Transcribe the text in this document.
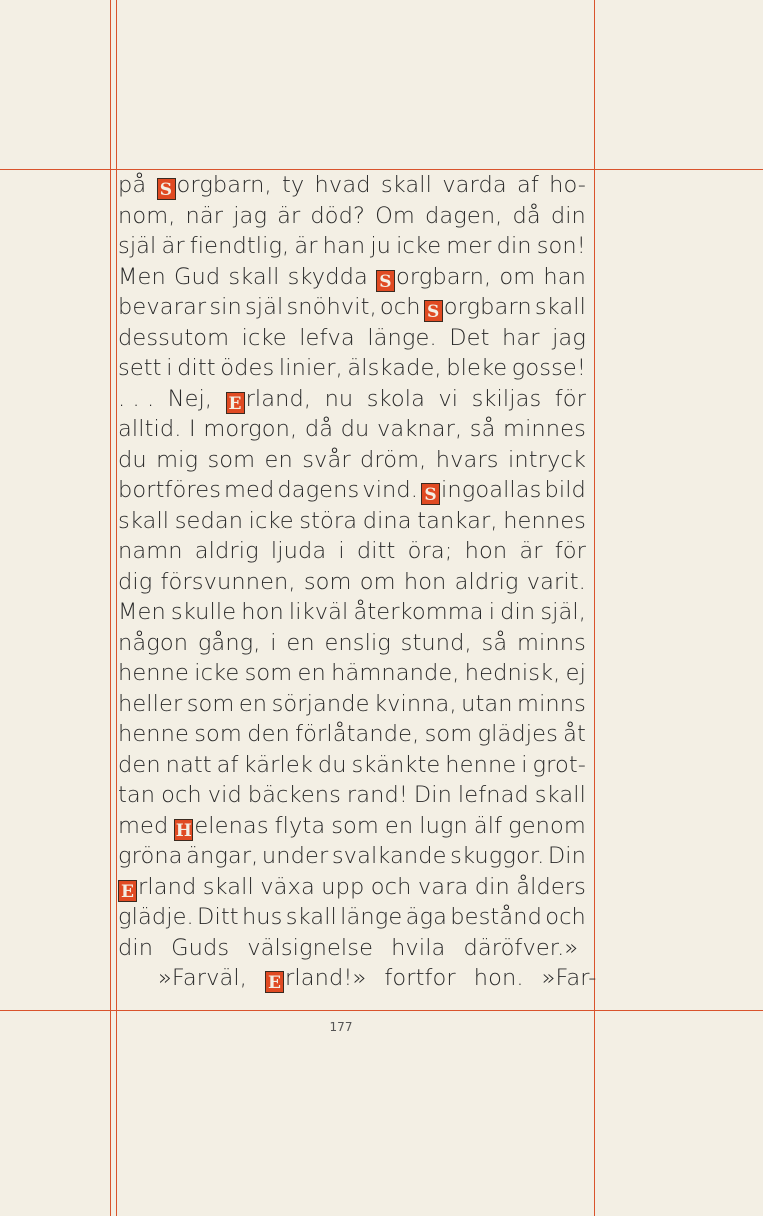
på S orgbarn, ty hvad skall varda af ho-
nom, när jag är död? Om dagen, då din
själ är fiendtlig, är han ju icke mer din son!
Men Gud skall skydda S orgbarn, om han
bevarar sin själ snöhvit, och S orgbarn skall
dessutom icke lefva länge. Det har jag
sett i ditt ödes linier, älskade, bleke gosse!
. . . Nej, E rland, nu skola vi skiljas för
alltid. I morgon, då du vaknar, så minnes
du mig som en svår dröm, hvars intryck
bortföres med dagens vind. S ingoallas bild
skall sedan icke störa dina tankar, hennes
namn aldrig ljuda i ditt öra; hon är för
dig försvunnen, som om hon aldrig varit.
Men skulle hon likväl återkomma i din själ,
någon gång, i en enslig stund, så minns
henne icke som en hämnande, hednisk, ej
heller som en sörjande kvinna, utan minns
henne som den förlåtande, som glädjes åt
den natt af kärlek du skänkte henne i grot-
tan och vid bäckens rand! Din lefnad skall
med H elenas flyta som en lugn älf genom
gröna ängar, under svalkande skuggor. Din
E rland skall växa upp och vara din ålders
glädje. Ditt hus skall länge äga bestånd och
din Guds välsignelse hvila däröfver.»
»Farväl, E rland!» fortfor hon. »Far-
177
